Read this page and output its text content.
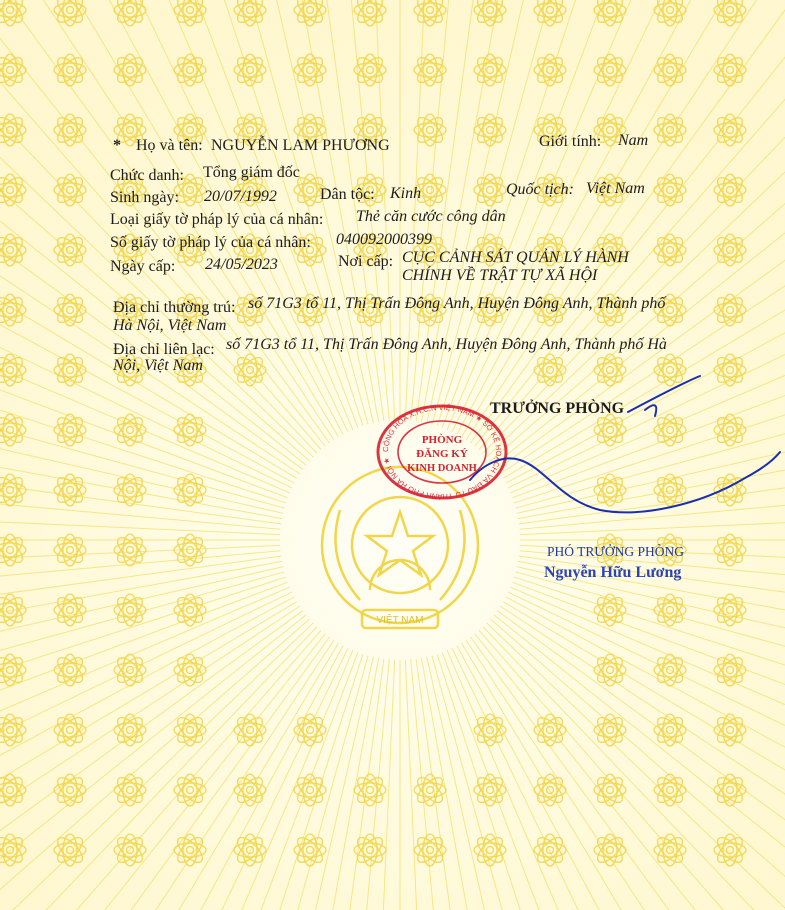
VIỆT NAM
* Họ và tên: NGUYỄN LAM PHƯƠNG	Giới tính: Nam
Chức danh: Tổng giám đốc
Sinh ngày: 20/07/1992	Dân tộc: Kinh	Quốc tịch: Việt Nam
Loại giấy tờ pháp lý của cá nhân: Thẻ căn cước công dân
Số giấy tờ pháp lý của cá nhân: 040092000399
Ngày cấp: 24/05/2023	Nơi cấp: CỤC CẢNH SÁT QUẢN LÝ HÀNH
CHÍNH VỀ TRẬT TỰ XÃ HỘI
Địa chỉ thường trú: số 71G3 tổ 11, Thị Trấn Đông Anh, Huyện Đông Anh, Thành phố
Hà Nội, Việt Nam
Địa chỉ liên lạc: số 71G3 tổ 11, Thị Trấn Đông Anh, Huyện Đông Anh, Thành phố Hà
Nội, Việt Nam
TRƯỞNG PHÒNG
CỘNG HÒA X.H.C.N VIỆT NAM ★ SỞ KẾ HOẠCH VÀ ĐẦU TƯ THÀNH PHỐ HÀ NỘI ★
PHÒNG
ĐĂNG KÝ
KINH DOANH
PHÓ TRƯỞNG PHÒNG
Nguyễn Hữu Lương
